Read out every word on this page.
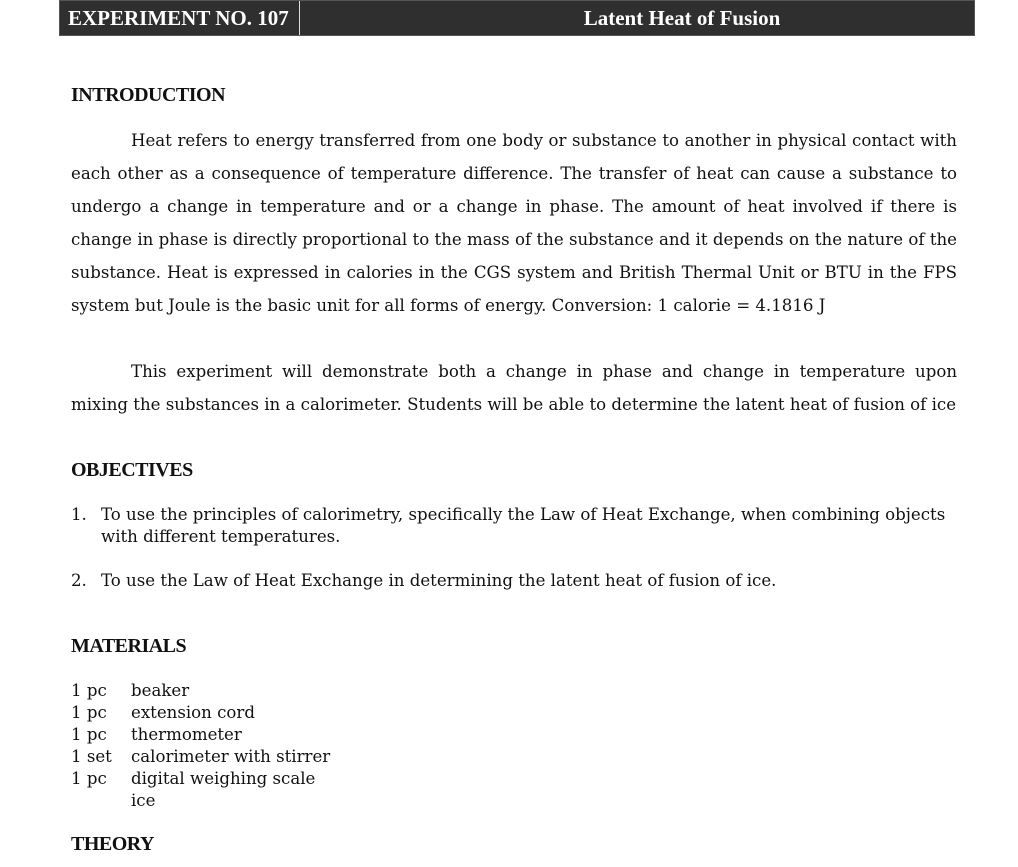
EXPERIMENT NO. 107	Latent Heat of Fusion
INTRODUCTION

Heat refers to energy transferred from one body or substance to another in physical contact with each other as a consequence of temperature difference. The transfer of heat can cause a substance to undergo a change in temperature and or a change in phase. The amount of heat involved if there is change in phase is directly proportional to the mass of the substance and it depends on the nature of the substance. Heat is expressed in calories in the CGS system and British Thermal Unit or BTU in the FPS system but Joule is the basic unit for all forms of energy. Conversion: 1 calorie = 4.1816 J

This experiment will demonstrate both a change in phase and change in temperature upon mixing the substances in a calorimeter. Students will be able to determine the latent heat of fusion of ice

OBJECTIVES
1. To use the principles of calorimetry, specifically the Law of Heat Exchange, when combining objects with different temperatures.
2. To use the Law of Heat Exchange in determining the latent heat of fusion of ice.
MATERIALS
1 pc	beaker
1 pc	extension cord
1 pc	thermometer
1 set	calorimeter with stirrer
1 pc	digital weighing scale
	ice
THEORY
